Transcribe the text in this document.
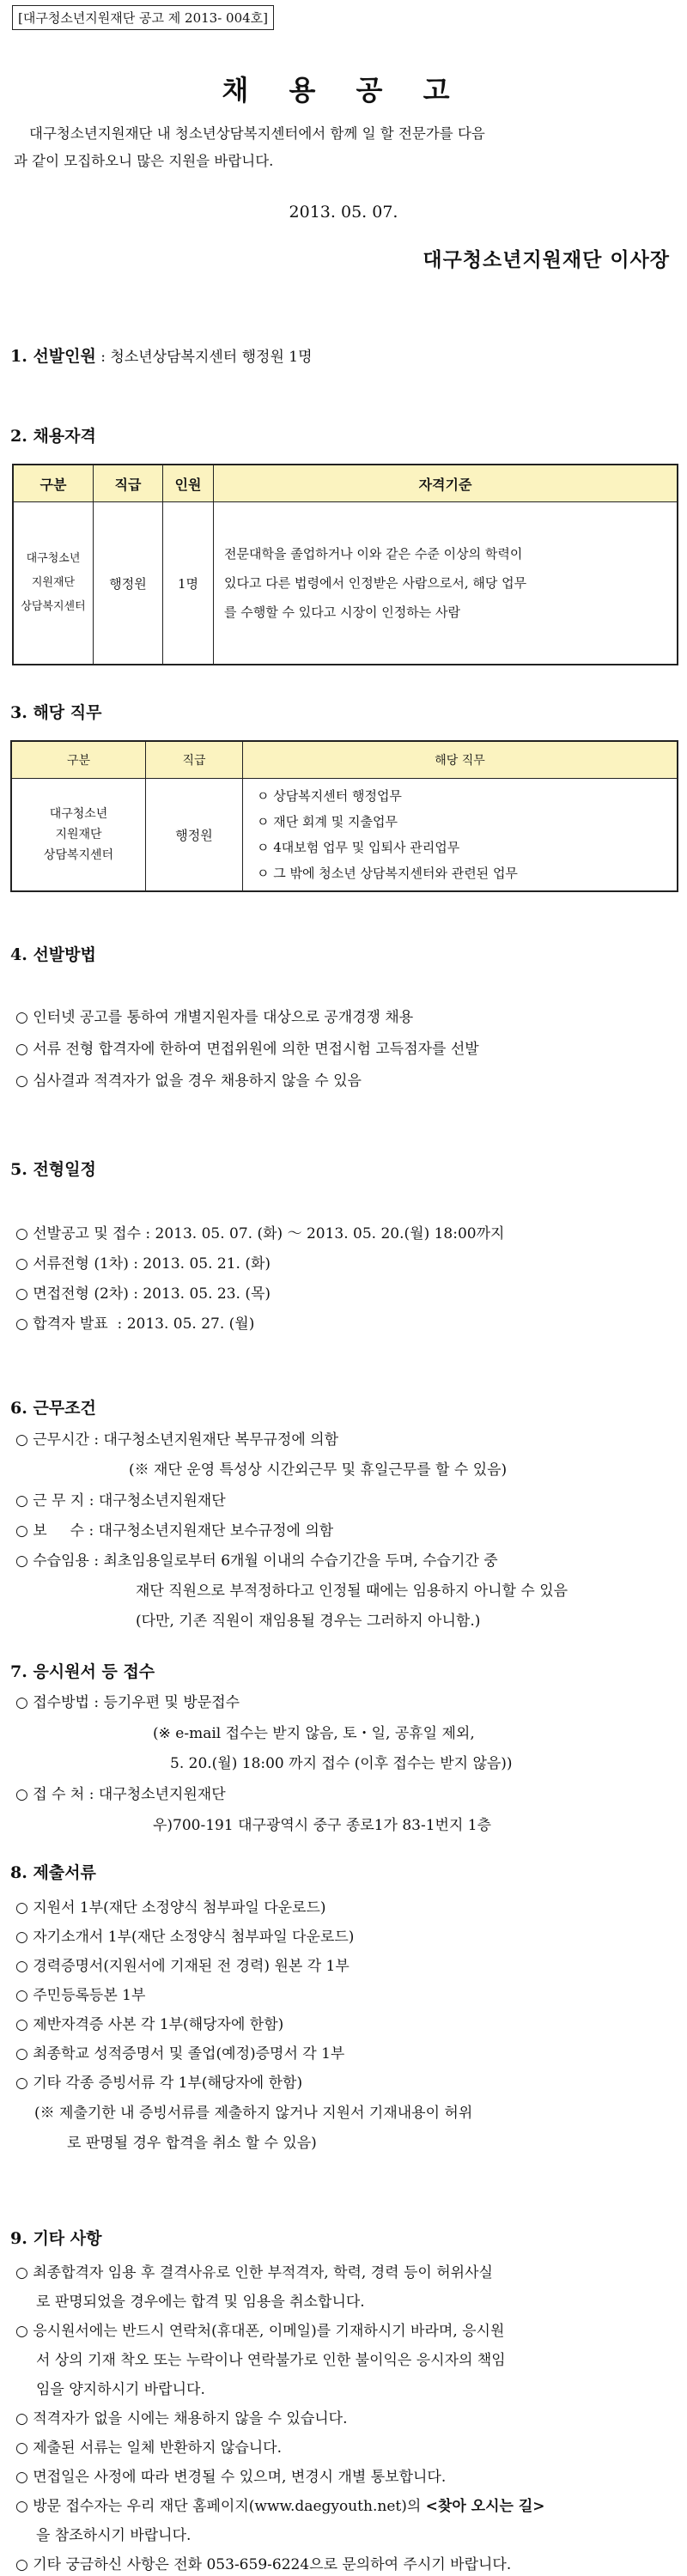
[대구청소년지원재단 공고 제 2013- 004호]
채 용 공 고
대구청소년지원재단 내 청소년상담복지센터에서 함께 일 할 전문가를 다음
과 같이 모집하오니 많은 지원을 바랍니다.
2013. 05. 07.
대구청소년지원재단 이사장
1. 선발인원 : 청소년상담복지센터 행정원 1명
2. 채용자격
구분	직급	인원	자격기준
대구청소년
지원재단
상담복지센터	행정원	1명	전문대학을 졸업하거나 이와 같은 수준 이상의 학력이
있다고 다른 법령에서 인정받은 사람으로서, 해당 업무
를 수행할 수 있다고 시장이 인정하는 사람
3. 해당 직무
구분	직급	해당 직무
대구청소년
지원재단
상담복지센터	행정원	ㅇ 상담복지센터 행정업무
ㅇ 재단 회계 및 지출업무
ㅇ 4대보험 업무 및 입퇴사 관리업무
ㅇ 그 밖에 청소년 상담복지센터와 관련된 업무
4. 선발방법
○ 인터넷 공고를 통하여 개별지원자를 대상으로 공개경쟁 채용
○ 서류 전형 합격자에 한하여 면접위원에 의한 면접시험 고득점자를 선발
○ 심사결과 적격자가 없을 경우 채용하지 않을 수 있음
5. 전형일정
○ 선발공고 및 접수 : 2013. 05. 07. (화) ～ 2013. 05. 20.(월) 18:00까지
○ 서류전형 (1차) : 2013. 05. 21. (화)
○ 면접전형 (2차) : 2013. 05. 23. (목)
○ 합격자 발표  : 2013. 05. 27. (월)
6. 근무조건
○ 근무시간 : 대구청소년지원재단 복무규정에 의함
(※ 재단 운영 특성상 시간외근무 및 휴일근무를 할 수 있음)
○ 근 무 지 : 대구청소년지원재단
○ 보     수 : 대구청소년지원재단 보수규정에 의함
○ 수습임용 : 최초임용일로부터 6개월 이내의 수습기간을 두며, 수습기간 중
재단 직원으로 부적정하다고 인정될 때에는 임용하지 아니할 수 있음
(다만, 기존 직원이 재임용될 경우는 그러하지 아니함.)
7. 응시원서 등 접수
○ 접수방법 : 등기우편 및 방문접수
(※ e-mail 접수는 받지 않음, 토・일, 공휴일 제외,
5. 20.(월) 18:00 까지 접수 (이후 접수는 받지 않음))
○ 접 수 처 : 대구청소년지원재단
우)700-191 대구광역시 중구 종로1가 83-1번지 1층
8. 제출서류
○ 지원서 1부(재단 소정양식 첨부파일 다운로드)
○ 자기소개서 1부(재단 소정양식 첨부파일 다운로드)
○ 경력증명서(지원서에 기재된 전 경력) 원본 각 1부
○ 주민등록등본 1부
○ 제반자격증 사본 각 1부(해당자에 한함)
○ 최종학교 성적증명서 및 졸업(예정)증명서 각 1부
○ 기타 각종 증빙서류 각 1부(해당자에 한함)
(※ 제출기한 내 증빙서류를 제출하지 않거나 지원서 기재내용이 허위
로 판명될 경우 합격을 취소 할 수 있음)
9. 기타 사항
○ 최종합격자 임용 후 결격사유로 인한 부적격자, 학력, 경력 등이 허위사실
로 판명되었을 경우에는 합격 및 임용을 취소합니다.
○ 응시원서에는 반드시 연락처(휴대폰, 이메일)를 기재하시기 바라며, 응시원
서 상의 기재 착오 또는 누락이나 연락불가로 인한 불이익은 응시자의 책임
임을 양지하시기 바랍니다.
○ 적격자가 없을 시에는 채용하지 않을 수 있습니다.
○ 제출된 서류는 일체 반환하지 않습니다.
○ 면접일은 사정에 따라 변경될 수 있으며, 변경시 개별 통보합니다.
○ 방문 접수자는 우리 재단 홈페이지(www.daegyouth.net)의 <찾아 오시는 길>
을 참조하시기 바랍니다.
○ 기타 궁금하신 사항은 전화 053-659-6224으로 문의하여 주시기 바랍니다.
